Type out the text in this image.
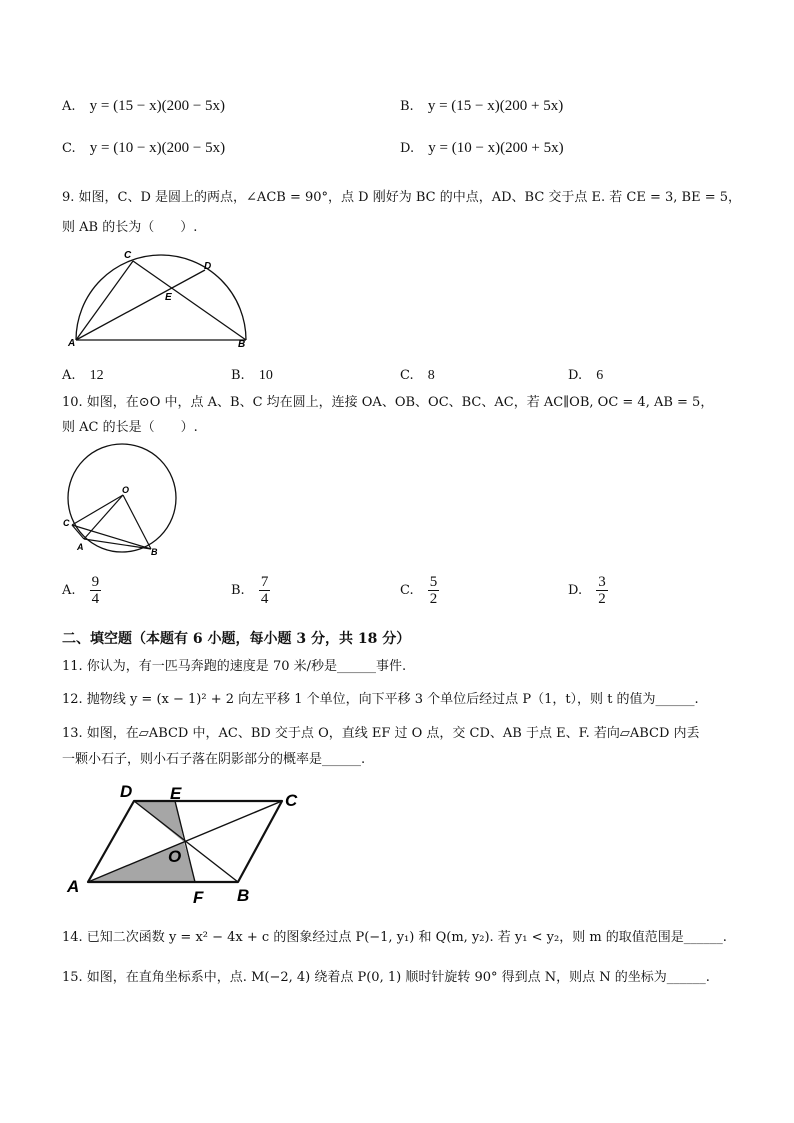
A. y = (15 − x)(200 − 5x)	B. y = (15 − x)(200 + 5x)
C. y = (10 − x)(200 − 5x)	D. y = (10 − x)(200 + 5x)
9. 如图，C、D 是圆上的两点，∠ACB = 90°，点 D 刚好为 BC 的中点，AD、BC 交于点 E. 若 CE = 3, BE = 5，
则 AB 的长为（　　）.
A	B
C
D
E
A. 12	B. 10	C. 8	D. 6
10. 如图，在⊙O 中，点 A、B、C 均在圆上，连接 OA、OB、OC、BC、AC，若 AC∥OB, OC = 4, AB = 5，
则 AC 的长是（　　）.
O
C
A	B
A. $\frac{9}{4}$	B. $\frac{7}{4}$	C. $\frac{5}{2}$	D. $\frac{3}{2}$
二、填空题（本题有 6 小题，每小题 3 分，共 18 分）
11. 你认为，有一匹马奔跑的速度是 70 米/秒是______事件.
12. 抛物线 y = (x − 1)² + 2 向左平移 1 个单位，向下平移 3 个单位后经过点 P（1，t），则 t 的值为______.
13. 如图，在▱ABCD 中，AC、BD 交于点 O，直线 EF 过 O 点，交 CD、AB 于点 E、F. 若向▱ABCD 内丢
一颗小石子，则小石子落在阴影部分的概率是______.
D E	C
O
A
F B
14. 已知二次函数 y = x² − 4x + c 的图象经过点 P(−1, y₁) 和 Q(m, y₂). 若 y₁ < y₂，则 m 的取值范围是______.
15. 如图，在直角坐标系中，点. M(−2, 4) 绕着点 P(0, 1) 顺时针旋转 90° 得到点 N，则点 N 的坐标为______.
